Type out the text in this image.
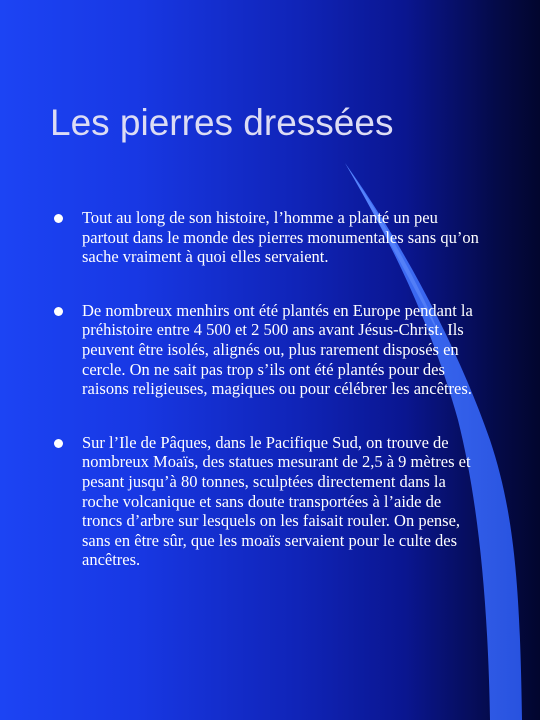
Les pierres dressées
Tout au long de son histoire, l’homme a planté un peu partout dans le monde des pierres monumentales sans qu’on sache vraiment à quoi elles servaient.
De nombreux menhirs ont été plantés en Europe pendant la préhistoire entre 4 500 et 2 500 ans avant Jésus-Christ. Ils peuvent être isolés, alignés ou, plus rarement disposés en cercle. On ne sait pas trop s’ils ont été plantés pour des raisons religieuses, magiques ou pour célébrer les ancêtres.
Sur l’Ile de Pâques, dans le Pacifique Sud, on trouve de nombreux Moaïs, des statues mesurant de 2,5 à 9 mètres et pesant jusqu’à 80 tonnes, sculptées directement dans la roche volcanique et sans doute transportées à l’aide de troncs d’arbre sur lesquels on les faisait rouler. On pense, sans en être sûr, que les moaïs servaient pour le culte des ancêtres.
